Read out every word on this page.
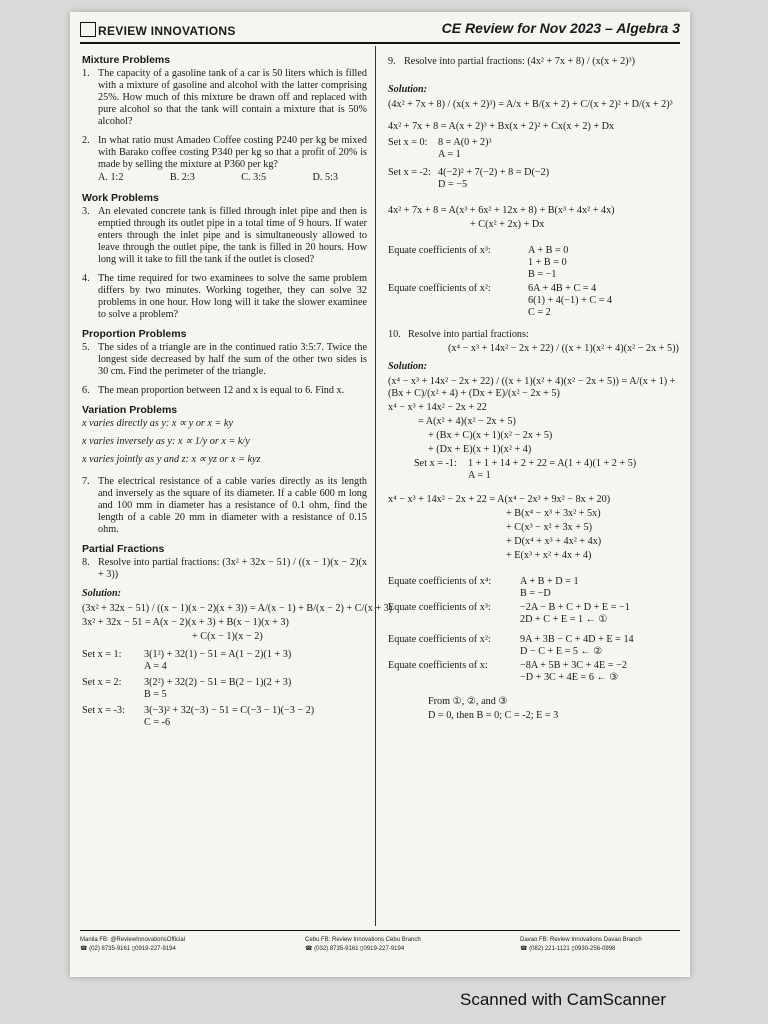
REVIEW INNOVATIONS	CE Review for Nov 2023 – Algebra 3
Mixture Problems
1. The capacity of a gasoline tank of a car is 50 liters which is filled with a mixture of gasoline and alcohol with the latter comprising 25%. How much of this mixture be drawn off and replaced with pure alcohol so that the tank will contain a mixture that is 50% alcohol?
2. In what ratio must Amadeo Coffee costing P240 per kg be mixed with Barako coffee costing P340 per kg so that a profit of 20% is made by selling the mixture at P360 per kg?
A. 1:2	B. 2:3	C. 3:5	D. 5:3
Work Problems
3. An elevated concrete tank is filled through inlet pipe and then is emptied through its outlet pipe in a total time of 9 hours. If water enters through the inlet pipe and is simultaneously allowed to leave through the outlet pipe, the tank is filled in 20 hours. How long will it take to fill the tank if the outlet is closed?
4. The time required for two examinees to solve the same problem differs by two minutes. Working together, they can solve 32 problems in one hour. How long will it take the slower examinee to solve a problem?
Proportion Problems
5. The sides of a triangle are in the continued ratio 3:5:7. Twice the longest side decreased by half the sum of the other two sides is 30 cm. Find the perimeter of the triangle.
6. The mean proportion between 12 and x is equal to 6. Find x.
Variation Problems
x varies directly as y: x ∝ y or x = ky
x varies inversely as y: x ∝ 1/y or x = k/y
x varies jointly as y and z: x ∝ yz or x = kyz
7. The electrical resistance of a cable varies directly as its length and inversely as the square of its diameter. If a cable 600 m long and 100 mm in diameter has a resistance of 0.1 ohm, find the length of a cable 20 mm in diameter with a resistance of 0.15 ohm.
Partial Fractions
8. Resolve into partial fractions: (3x² + 32x − 51) / ((x − 1)(x − 2)(x + 3))
Solution:
(3x² + 32x − 51) / ((x − 1)(x − 2)(x + 3)) = A/(x − 1) + B/(x − 2) + C/(x + 3)
3x² + 32x − 51 = A(x − 2)(x + 3) + B(x − 1)(x + 3)
+ C(x − 1)(x − 2)
Set x = 1:	3(1²) + 32(1) − 51 = A(1 − 2)(1 + 3)
A = 4
Set x = 2:	3(2²) + 32(2) − 51 = B(2 − 1)(2 + 3)
B = 5
Set x = -3:	3(−3)² + 32(−3) − 51 = C(−3 − 1)(−3 − 2)
C = -6
9. Resolve into partial fractions: (4x² + 7x + 8) / (x(x + 2)³)
Solution:
(4x² + 7x + 8) / (x(x + 2)³) = A/x + B/(x + 2) + C/(x + 2)² + D/(x + 2)³
4x² + 7x + 8 = A(x + 2)³ + Bx(x + 2)² + Cx(x + 2) + Dx
Set x = 0:	8 = A(0 + 2)³
A = 1
Set x = -2: 4(−2)² + 7(−2) + 8 = D(−2)
D = −5
4x² + 7x + 8 = A(x³ + 6x² + 12x + 8) + B(x³ + 4x² + 4x)
+ C(x² + 2x) + Dx
Equate coefficients of x³:	A + B = 0
1 + B = 0
B = −1
Equate coefficients of x²:	6A + 4B + C = 4
6(1) + 4(−1) + C = 4
C = 2
10. Resolve into partial fractions:
(x⁴ − x³ + 14x² − 2x + 22) / ((x + 1)(x² + 4)(x² − 2x + 5))
Solution:
(x⁴ − x³ + 14x² − 2x + 22) / ((x + 1)(x² + 4)(x² − 2x + 5)) = A/(x + 1) + (Bx + C)/(x² + 4) + (Dx + E)/(x² − 2x + 5)
x⁴ − x³ + 14x² − 2x + 22
= A(x² + 4)(x² − 2x + 5)
+ (Bx + C)(x + 1)(x² − 2x + 5)
+ (Dx + E)(x + 1)(x² + 4)
Set x = -1:	1 + 1 + 14 + 2 + 22 = A(1 + 4)(1 + 2 + 5)
A = 1
x⁴ − x³ + 14x² − 2x + 22 = A(x⁴ − 2x³ + 9x² − 8x + 20)
+ B(x⁴ − x³ + 3x² + 5x)
+ C(x³ − x² + 3x + 5)
+ D(x⁴ + x³ + 4x² + 4x)
+ E(x³ + x² + 4x + 4)
Equate coefficients of x⁴:	A + B + D = 1
B = −D
Equate coefficients of x³:	−2A − B + C + D + E = −1
2D + C + E = 1 ← ①
Equate coefficients of x²:	9A + 3B − C + 4D + E = 14
D − C + E = 5 ← ②
Equate coefficients of x:	−8A + 5B + 3C + 4E = −2
−D + 3C + 4E = 6 ← ③
From ①, ②, and ③
D = 0, then B = 0; C = -2; E = 3
Manila FB: @ReviewInnovationsOfficial
☎ (02) 8735-9161 ▯0919-227-9194
Cebu FB: Review Innovations Cebu Branch
☎ (032) 8735-9161 ▯0919-227-9194
Davao FB: Review Innovations Davao Branch
☎ (082) 221-1121 ▯0930-256-0998
Scanned with CamScanner
